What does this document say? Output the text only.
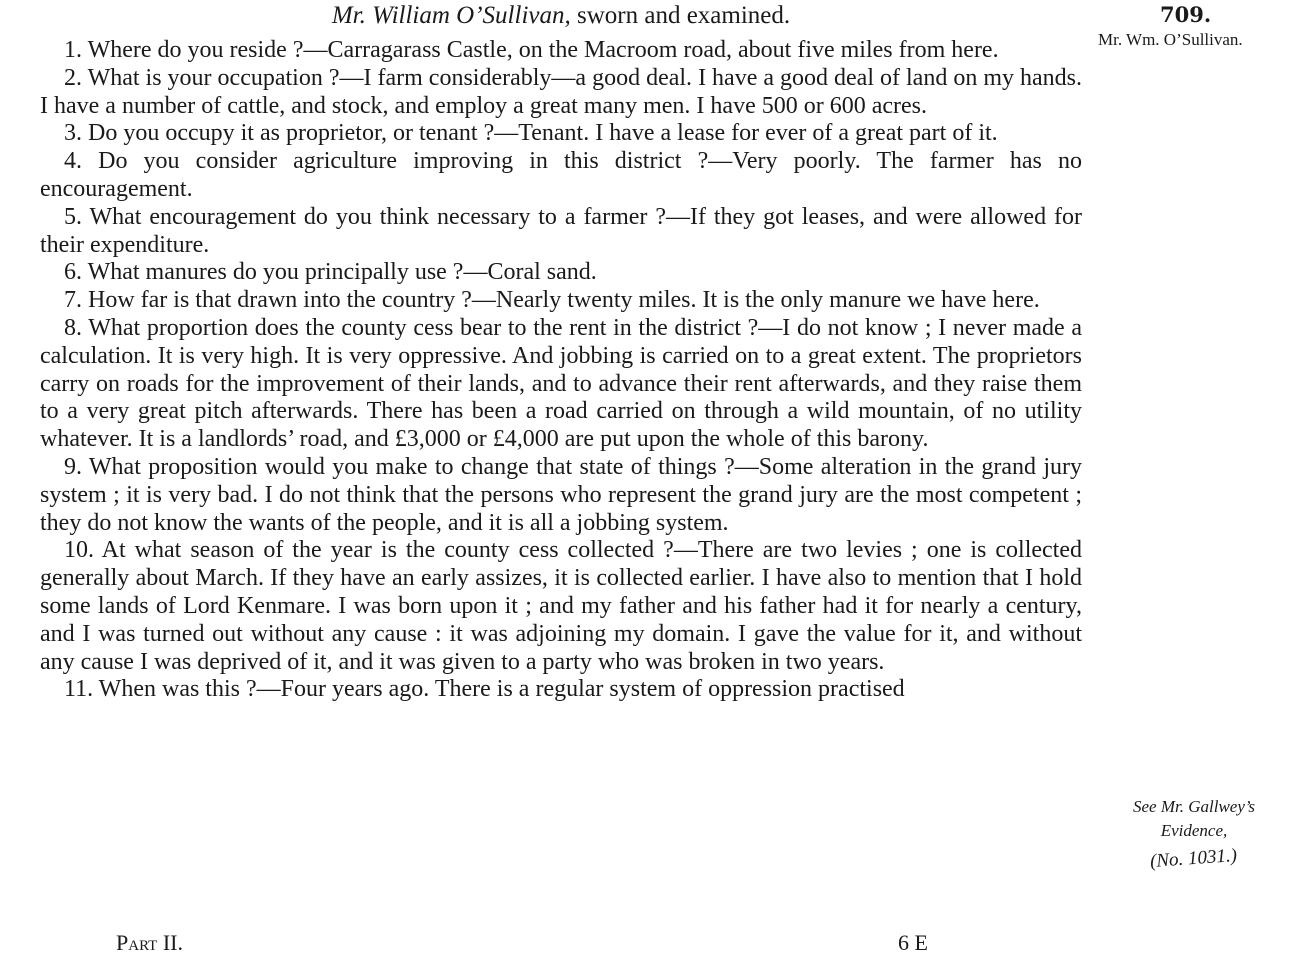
Mr. William O’Sullivan, sworn and examined.	709.
Mr. Wm. O’Sullivan.

1. Where do you reside ?—Carragarass Castle, on the Macroom road, about five miles from here.

2. What is your occupation ?—I farm considerably—a good deal. I have a good deal of land on my hands. I have a number of cattle, and stock, and employ a great many men. I have 500 or 600 acres.

3. Do you occupy it as proprietor, or tenant ?—Tenant. I have a lease for ever of a great part of it.

4. Do you consider agriculture improving in this district ?—Very poorly. The farmer has no encouragement.

5. What encouragement do you think necessary to a farmer ?—If they got leases, and were allowed for their expenditure.

6. What manures do you principally use ?—Coral sand.

7. How far is that drawn into the country ?—Nearly twenty miles. It is the only manure we have here.

8. What proportion does the county cess bear to the rent in the district ?—I do not know ; I never made a calculation. It is very high. It is very oppressive. And jobbing is carried on to a great extent. The proprietors carry on roads for the improvement of their lands, and to advance their rent afterwards, and they raise them to a very great pitch afterwards. There has been a road carried on through a wild mountain, of no utility whatever. It is a landlords’ road, and £3,000 or £4,000 are put upon the whole of this barony.

9. What proposition would you make to change that state of things ?—Some alteration in the grand jury system ; it is very bad. I do not think that the persons who represent the grand jury are the most competent ; they do not know the wants of the people, and it is all a jobbing system.

10. At what season of the year is the county cess collected ?—There are two levies ; one is collected generally about March. If they have an early assizes, it is collected earlier. I have also to mention that I hold some lands of Lord Kenmare. I was born upon it ; and my father and his father had it for nearly a century, and I was turned out without any cause : it was adjoining my domain. I gave the value for it, and without any cause I was deprived of it, and it was given to a party who was broken in two years.

11. When was this ?—Four years ago. There is a regular system of oppression practised

See Mr. Gallwey’s
Evidence,
(No. 1031.)
Part II.	6 E
